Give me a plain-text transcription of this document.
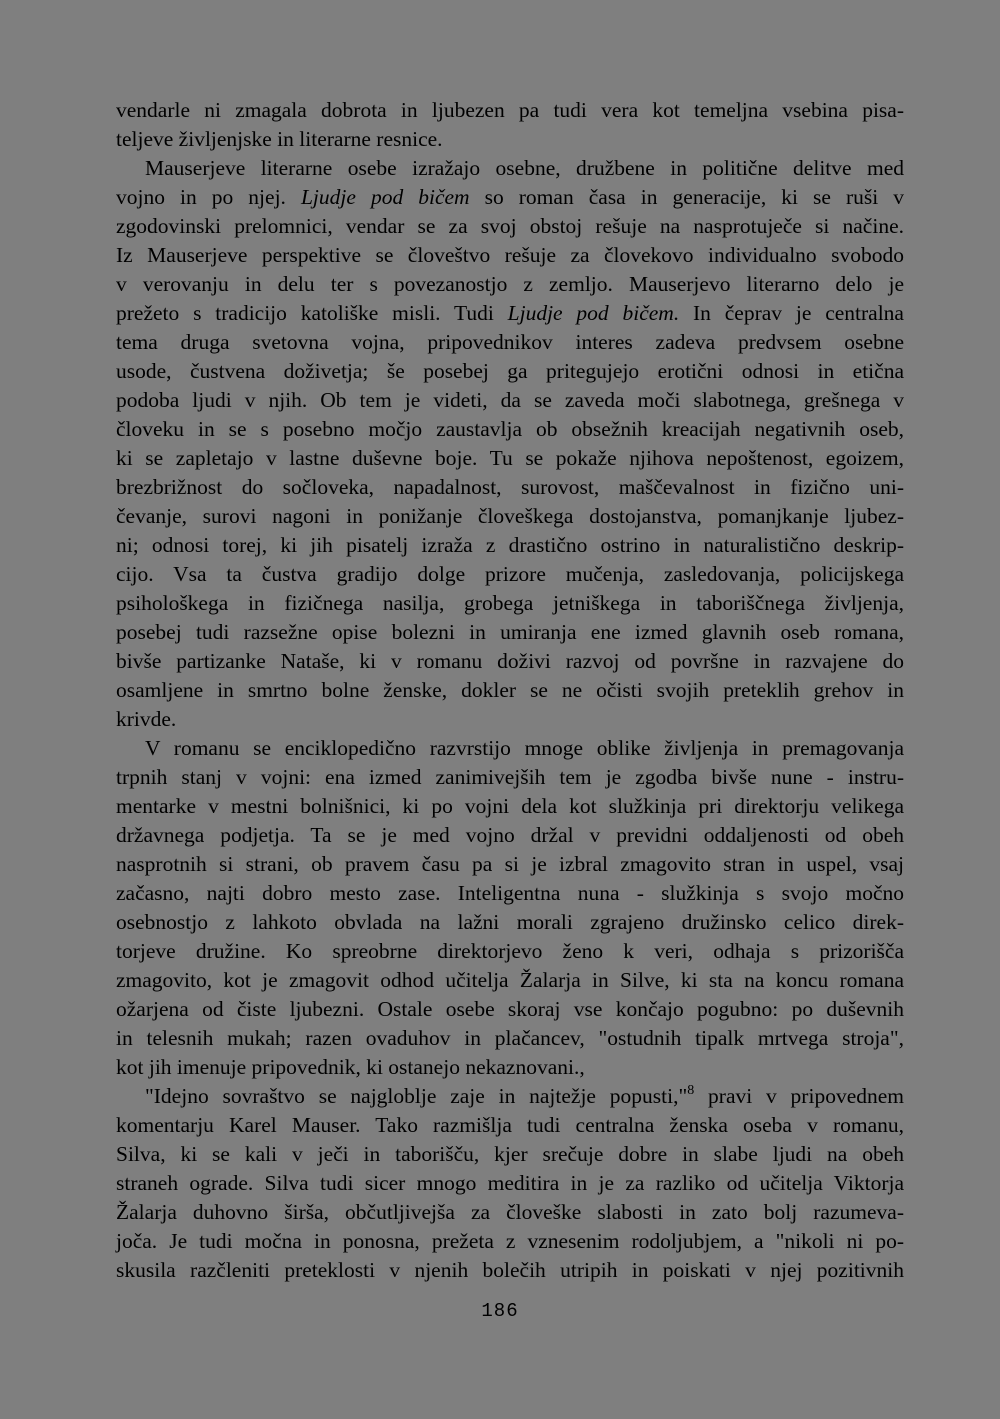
vendarle ni zmagala dobrota in ljubezen pa tudi vera kot temeljna vsebina pisa-
teljeve življenjske in literarne resnice.
Mauserjeve literarne osebe izražajo osebne, družbene in politične delitve med
vojno in po njej. Ljudje pod bičem so roman časa in generacije, ki se ruši v
zgodovinski prelomnici, vendar se za svoj obstoj rešuje na nasprotuječe si načine.
Iz Mauserjeve perspektive se človeštvo rešuje za človekovo individualno svobodo
v verovanju in delu ter s povezanostjo z zemljo. Mauserjevo literarno delo je
prežeto s tradicijo katoliške misli. Tudi Ljudje pod bičem. In čeprav je centralna
tema druga svetovna vojna, pripovednikov interes zadeva predvsem osebne
usode, čustvena doživetja; še posebej ga pritegujejo erotični odnosi in etična
podoba ljudi v njih. Ob tem je videti, da se zaveda moči slabotnega, grešnega v
človeku in se s posebno močjo zaustavlja ob obsežnih kreacijah negativnih oseb,
ki se zapletajo v lastne duševne boje. Tu se pokaže njihova nepoštenost, egoizem,
brezbrižnost do sočloveka, napadalnost, surovost, maščevalnost in fizično uni-
čevanje, surovi nagoni in ponižanje človeškega dostojanstva, pomanjkanje ljubez-
ni; odnosi torej, ki jih pisatelj izraža z drastično ostrino in naturalistično deskrip-
cijo. Vsa ta čustva gradijo dolge prizore mučenja, zasledovanja, policijskega
psihološkega in fizičnega nasilja, grobega jetniškega in taboriščnega življenja,
posebej tudi razsežne opise bolezni in umiranja ene izmed glavnih oseb romana,
bivše partizanke Nataše, ki v romanu doživi razvoj od površne in razvajene do
osamljene in smrtno bolne ženske, dokler se ne očisti svojih preteklih grehov in
krivde.
V romanu se enciklopedično razvrstijo mnoge oblike življenja in premagovanja
trpnih stanj v vojni: ena izmed zanimivejših tem je zgodba bivše nune - instru-
mentarke v mestni bolnišnici, ki po vojni dela kot služkinja pri direktorju velikega
državnega podjetja. Ta se je med vojno držal v previdni oddaljenosti od obeh
nasprotnih si strani, ob pravem času pa si je izbral zmagovito stran in uspel, vsaj
začasno, najti dobro mesto zase. Inteligentna nuna - služkinja s svojo močno
osebnostjo z lahkoto obvlada na lažni morali zgrajeno družinsko celico direk-
torjeve družine. Ko spreobrne direktorjevo ženo k veri, odhaja s prizorišča
zmagovito, kot je zmagovit odhod učitelja Žalarja in Silve, ki sta na koncu romana
ožarjena od čiste ljubezni. Ostale osebe skoraj vse končajo pogubno: po duševnih
in telesnih mukah; razen ovaduhov in plačancev, "ostudnih tipalk mrtvega stroja",
kot jih imenuje pripovednik, ki ostanejo nekaznovani.,
"Idejno sovraštvo se najgloblje zaje in najtežje popusti,"$^8$ pravi v pripovednem
komentarju Karel Mauser. Tako razmišlja tudi centralna ženska oseba v romanu,
Silva, ki se kali v ječi in taborišču, kjer srečuje dobre in slabe ljudi na obeh
straneh ograde. Silva tudi sicer mnogo meditira in je za razliko od učitelja Viktorja
Žalarja duhovno širša, občutljivejša za človeške slabosti in zato bolj razumeva-
joča. Je tudi močna in ponosna, prežeta z vznesenim rodoljubjem, a "nikoli ni po-
skusila razčleniti preteklosti v njenih bolečih utripih in poiskati v njej pozitivnih
186
